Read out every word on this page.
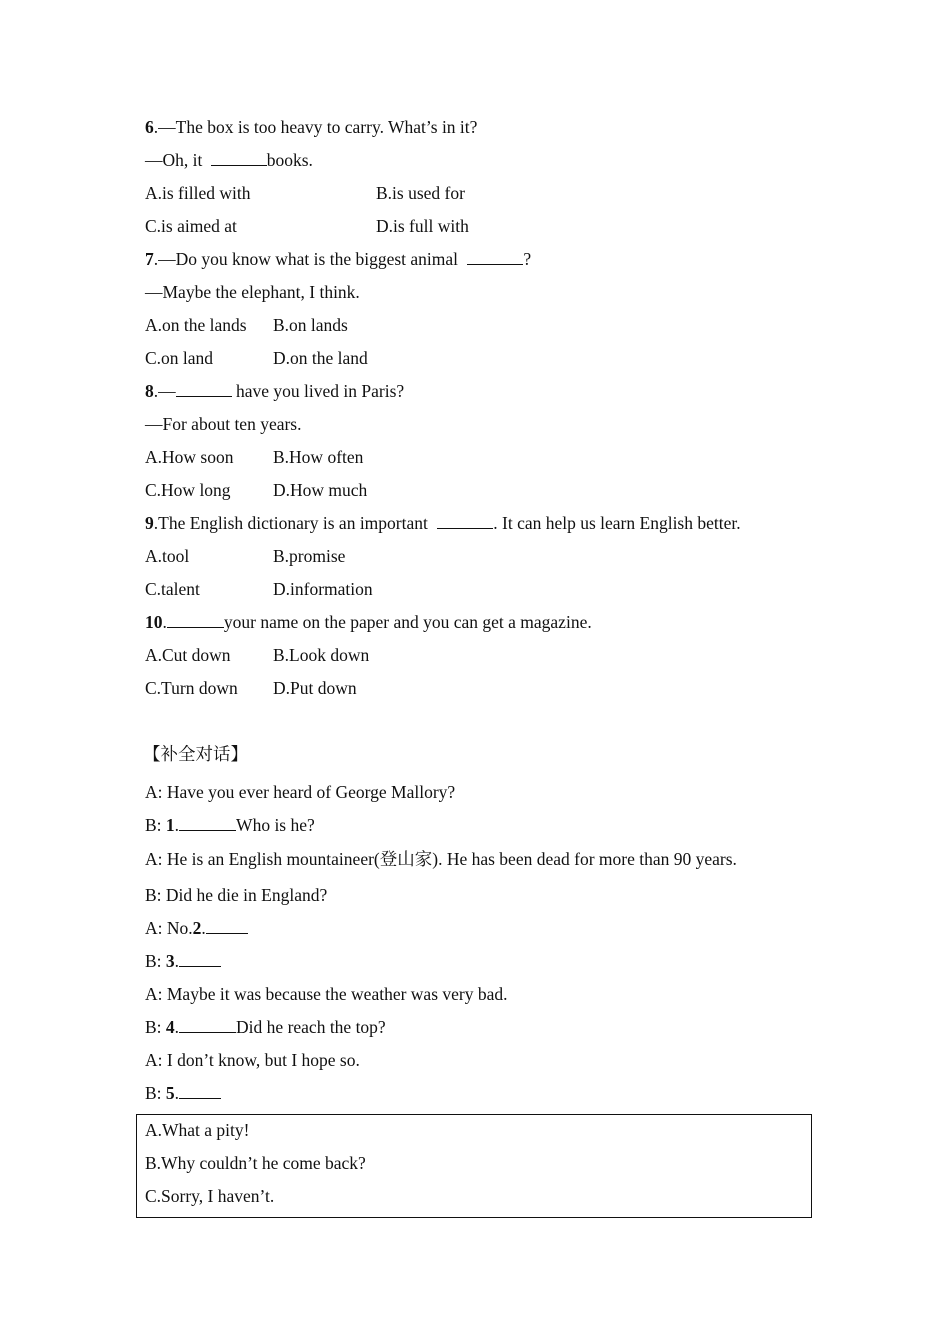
6.—The box is too heavy to carry. What’s in it?
—Oh, it	books.
A.is filled with	B.is used for
C.is aimed at	D.is full with
7.—Do you know what is the biggest animal	?
—Maybe the elephant, I think.
A.on the lands B.on lands
C.on land	D.on the land
8.—	have you lived in Paris?
—For about ten years.
A.How soon B.How often
C.How long D.How much
9.The English dictionary is an important	. It can help us learn English better.
A.tool	B.promise
C.talent	D.information
10.	your name on the paper and you can get a magazine.
A.Cut down B.Look down
C.Turn down D.Put down
【补全对话】
A: Have you ever heard of George Mallory?
B: 1.	Who is he?
A: He is an English mountaineer(登山家). He has been dead for more than 90 years.
B: Did he die in England?
A: No.2.
B: 3.
A: Maybe it was because the weather was very bad.
B: 4.	Did he reach the top?
A: I don’t know, but I hope so.
B: 5.
A.What a pity!
B.Why couldn’t he come back?
C.Sorry, I haven’t.
